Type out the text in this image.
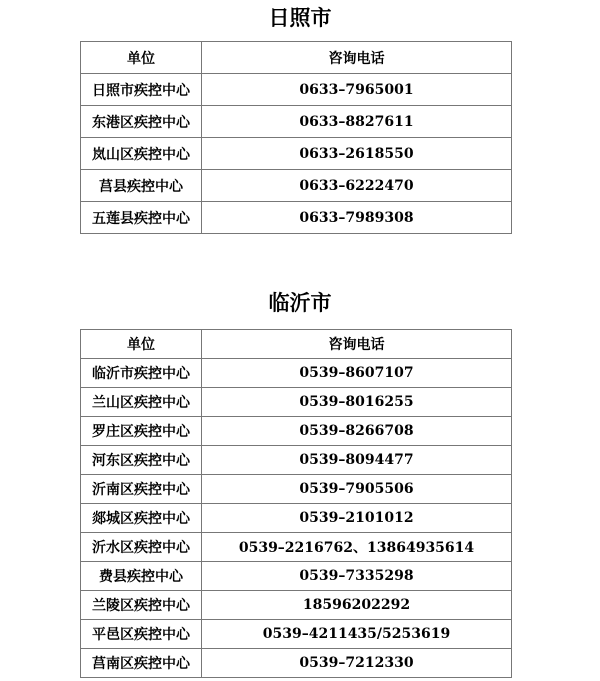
日照市
单位	咨询电话
日照市疾控中心	0633–7965001
东港区疾控中心	0633–8827611
岚山区疾控中心	0633–2618550
莒县疾控中心	0633–6222470
五莲县疾控中心	0633–7989308
临沂市
单位	咨询电话
临沂市疾控中心	0539–8607107
兰山区疾控中心	0539–8016255
罗庄区疾控中心	0539–8266708
河东区疾控中心	0539–8094477
沂南区疾控中心	0539–7905506
郯城区疾控中心	0539–2101012
沂水区疾控中心	0539–2216762、13864935614
费县疾控中心	0539–7335298
兰陵区疾控中心	18596202292
平邑区疾控中心	0539–4211435/5253619
莒南区疾控中心	0539–7212330
